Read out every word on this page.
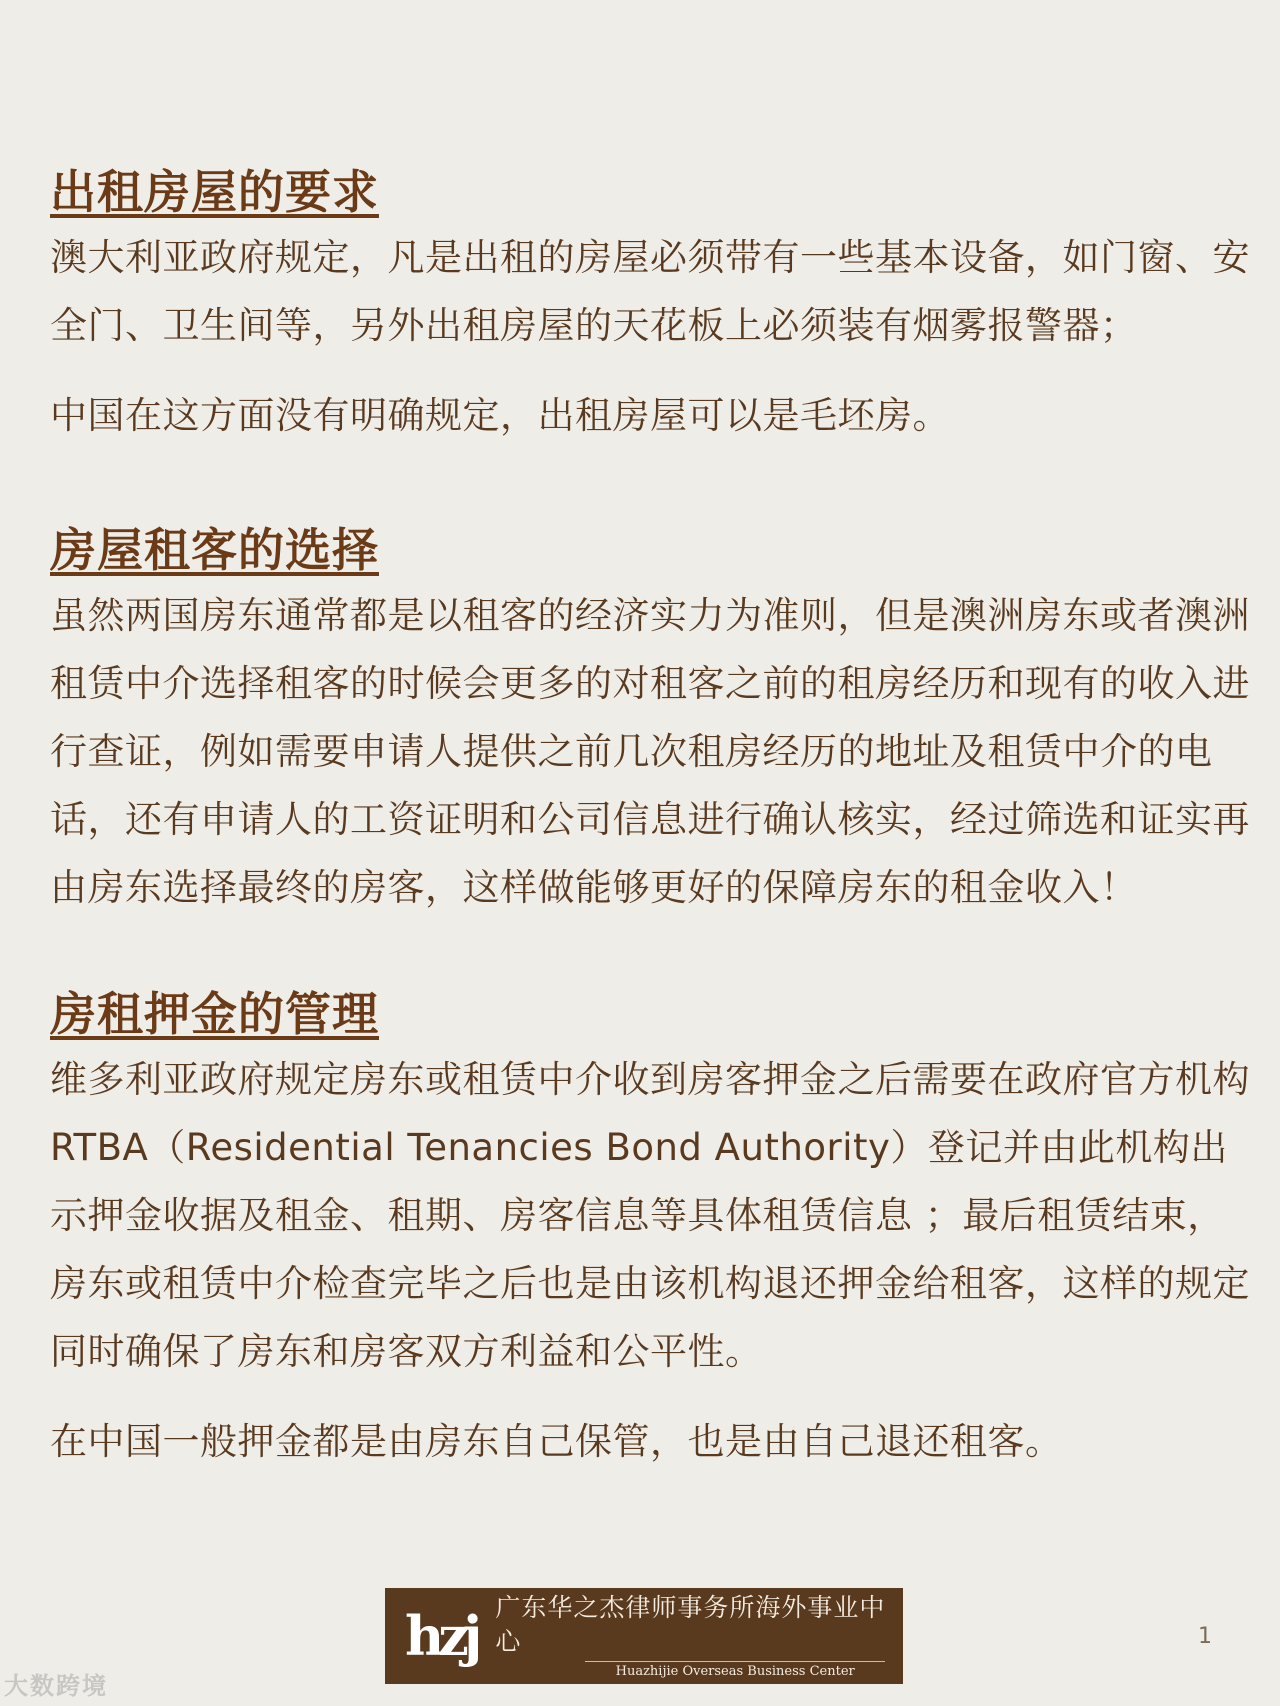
出租房屋的要求

澳大利亚政府规定，凡是出租的房屋必须带有一些基本设备，如门窗、安全门、卫生间等，另外出租房屋的天花板上必须装有烟雾报警器；

中国在这方面没有明确规定，出租房屋可以是毛坯房。

房屋租客的选择

虽然两国房东通常都是以租客的经济实力为准则，但是澳洲房东或者澳洲租赁中介选择租客的时候会更多的对租客之前的租房经历和现有的收入进行查证，例如需要申请人提供之前几次租房经历的地址及租赁中介的电话，还有申请人的工资证明和公司信息进行确认核实，经过筛选和证实再由房东选择最终的房客，这样做能够更好的保障房东的租金收入！

房租押金的管理

维多利亚政府规定房东或租赁中介收到房客押金之后需要在政府官方机构RTBA（Residential Tenancies Bond Authority）登记并由此机构出示押金收据及租金、租期、房客信息等具体租赁信息 ；最后租赁结束，房东或租赁中介检查完毕之后也是由该机构退还押金给租客，这样的规定同时确保了房东和房客双方利益和公平性。

在中国一般押金都是由房东自己保管，也是由自己退还租客。

hzj 广东华之杰律师事务所海外事业中心
Huazhijie Overseas Business Center
1
大数跨境
